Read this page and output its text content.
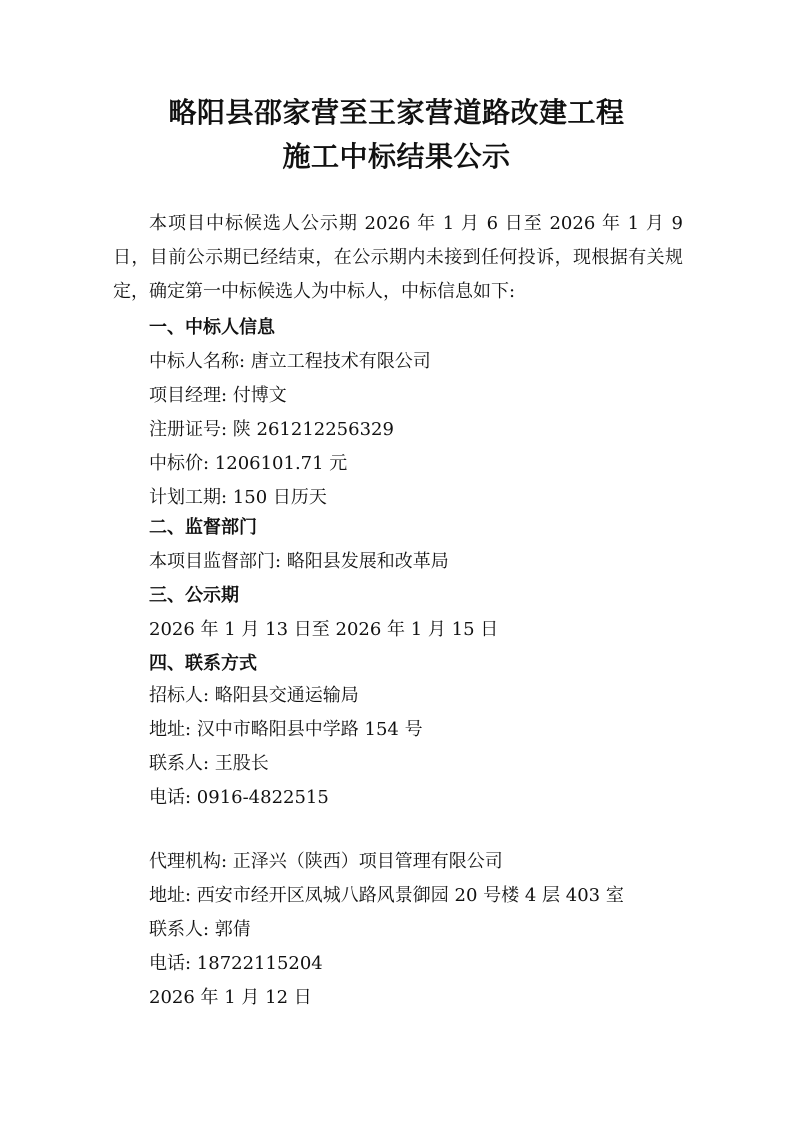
略阳县邵家营至王家营道路改建工程
施工中标结果公示

本项目中标候选人公示期 2026 年 1 月 6 日至 2026 年 1 月 9 日，目前公示期已经结束，在公示期内未接到任何投诉，现根据有关规定，确定第一中标候选人为中标人，中标信息如下:

一、中标人信息
中标人名称: 唐立工程技术有限公司
项目经理: 付博文
注册证号: 陕 261212256329
中标价: 1206101.71 元
计划工期: 150 日历天
二、监督部门
本项目监督部门: 略阳县发展和改革局
三、公示期
2026 年 1 月 13 日至 2026 年 1 月 15 日
四、联系方式
招标人: 略阳县交通运输局
地址: 汉中市略阳县中学路 154 号
联系人: 王股长
电话: 0916-4822515
代理机构: 正泽兴（陕西）项目管理有限公司
地址: 西安市经开区凤城八路风景御园 20 号楼 4 层 403 室
联系人: 郭倩
电话: 18722115204
2026 年 1 月 12 日
